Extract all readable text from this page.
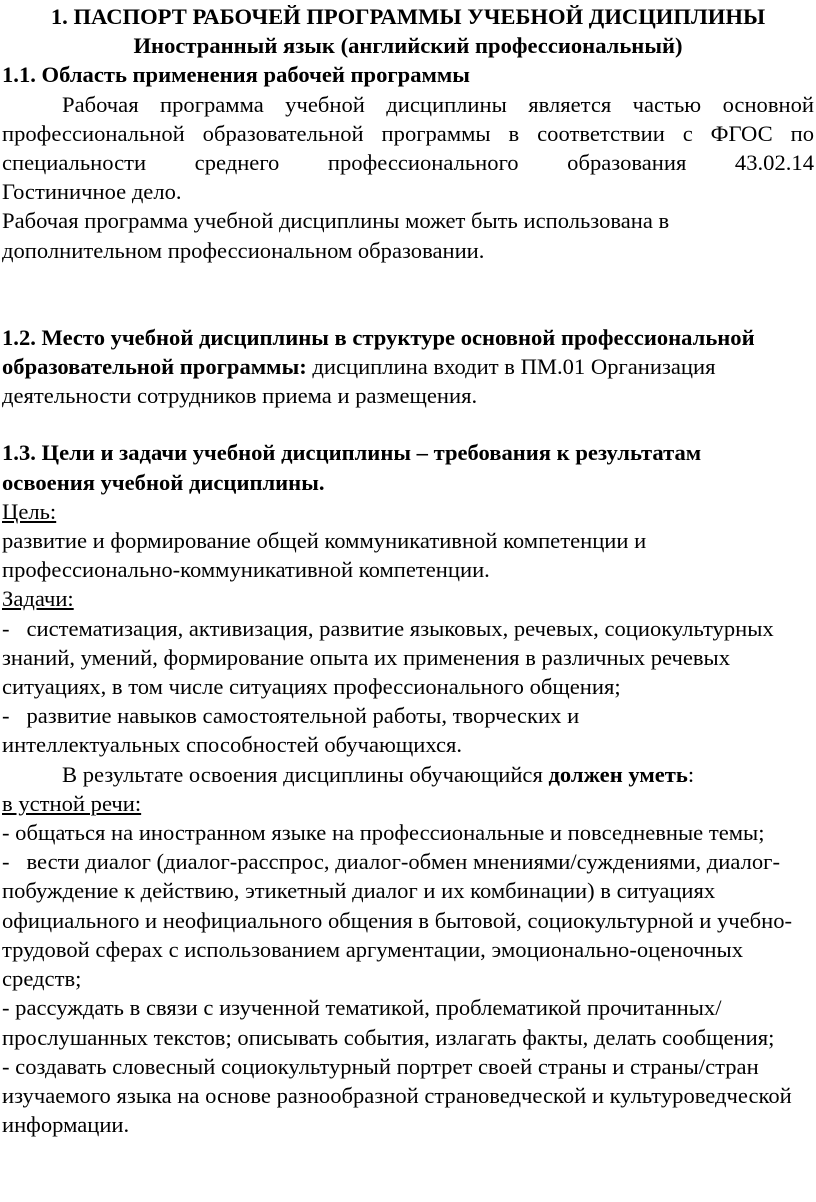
1. ПАСПОРТ РАБОЧЕЙ ПРОГРАММЫ УЧЕБНОЙ ДИСЦИПЛИНЫ

Иностранный язык (английский профессиональный)

1.1. Область применения рабочей программы

Рабочая программа учебной дисциплины является частью основной

профессиональной образовательной программы в соответствии с ФГОС по

специальности среднего профессионального образования 43.02.14

Гостиничное дело.

Рабочая программа учебной дисциплины может быть использована в дополнительном профессиональном образовании.

1.2. Место учебной дисциплины в структуре основной профессиональной образовательной программы: дисциплина входит в ПМ.01 Организация деятельности сотрудников приема и размещения.

1.3. Цели и задачи учебной дисциплины – требования к результатам освоения учебной дисциплины.

Цель:

развитие и формирование общей коммуникативной компетенции и профессионально-коммуникативной компетенции.

Задачи:

-   систематизация, активизация, развитие языковых, речевых, социокультурных знаний, умений, формирование опыта их применения в различных речевых ситуациях, в том числе ситуациях профессионального общения;

-   развитие навыков самостоятельной работы, творческих и интеллектуальных способностей обучающихся.

В результате освоения дисциплины обучающийся должен уметь:

в устной речи:

- общаться на иностранном языке на профессиональные и повседневные темы;

-   вести диалог (диалог-расспрос, диалог-обмен мнениями/суждениями, диалог-побуждение к действию, этикетный диалог и их комбинации) в ситуациях официального и неофициального общения в бытовой, социокультурной и учебно-трудовой сферах с использованием аргументации, эмоционально-оценочных средств;

- рассуждать в связи с изученной тематикой, проблематикой прочитанных/прослушанных текстов; описывать события, излагать факты, делать сообщения;

- создавать словесный социокультурный портрет своей страны и страны/стран изучаемого языка на основе разнообразной страноведческой и культуроведческой информации.
